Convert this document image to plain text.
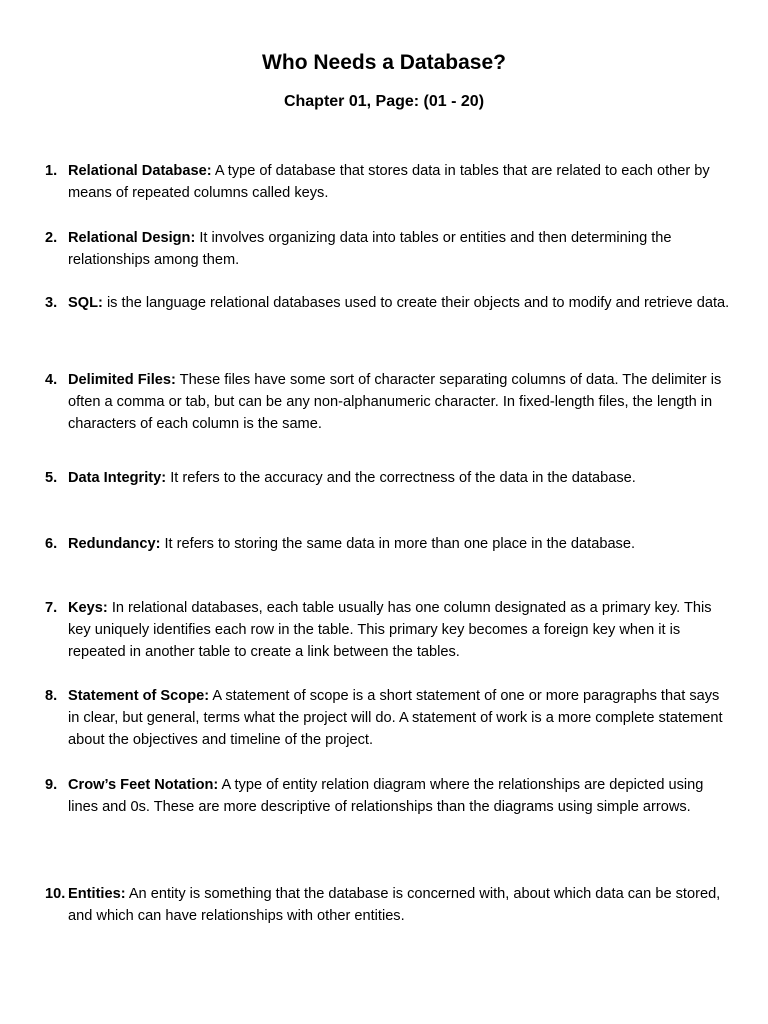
Who Needs a Database?
Chapter 01, Page: (01 - 20)
1. Relational Database: A type of database that stores data in tables that are related to each other by means of repeated columns called keys.
2. Relational Design: It involves organizing data into tables or entities and then determining the relationships among them.
3. SQL: is the language relational databases used to create their objects and to modify and retrieve data.
4. Delimited Files: These files have some sort of character separating columns of data. The delimiter is often a comma or tab, but can be any non-alphanumeric character. In fixed-length files, the length in characters of each column is the same.
5. Data Integrity: It refers to the accuracy and the correctness of the data in the database.
6. Redundancy: It refers to storing the same data in more than one place in the database.
7. Keys: In relational databases, each table usually has one column designated as a primary key. This key uniquely identifies each row in the table. This primary key becomes a foreign key when it is repeated in another table to create a link between the tables.
8. Statement of Scope: A statement of scope is a short statement of one or more paragraphs that says in clear, but general, terms what the project will do. A statement of work is a more complete statement about the objectives and timeline of the project.
9. Crow’s Feet Notation: A type of entity relation diagram where the relationships are depicted using lines and 0s. These are more descriptive of relationships than the diagrams using simple arrows.
10. Entities: An entity is something that the database is concerned with, about which data can be stored, and which can have relationships with other entities.
